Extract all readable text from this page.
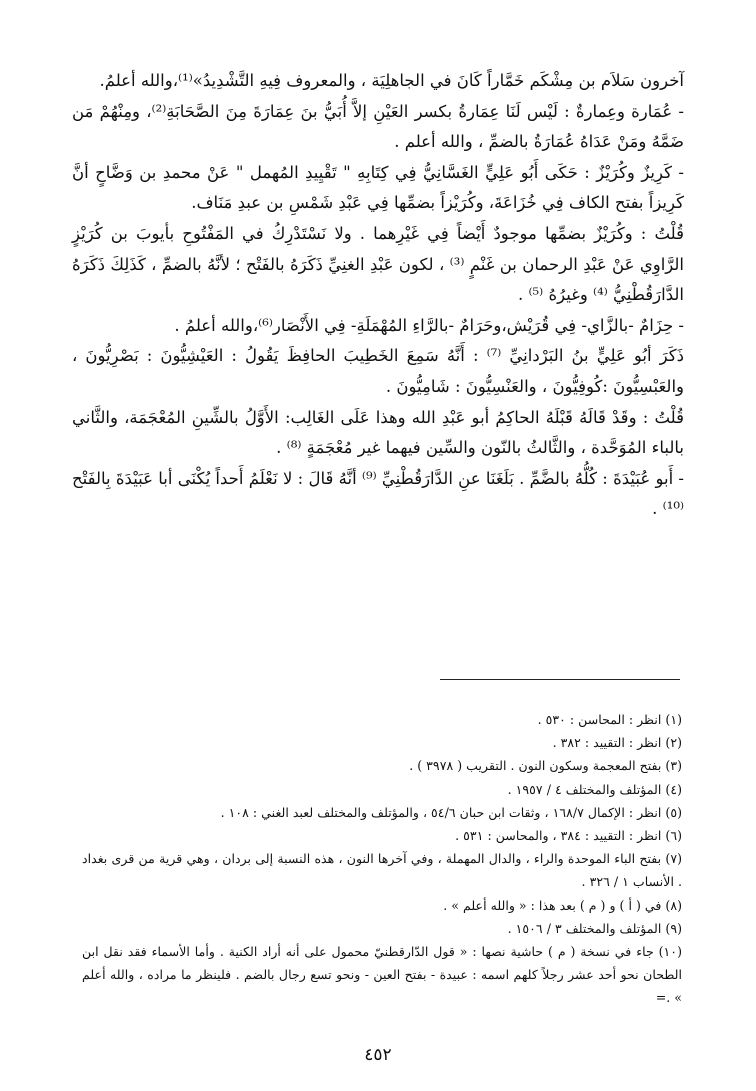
آخرون سَلاَم بن مِشْكَم خَمَّاراً كَانَ في الجاهلِيَة ، والمعروف فِيهِ التَّشْدِيدُ»⁽¹⁾،والله أعلمُ.

- عُمَارة وعِمارةٌ : لَيْس لَنَا عِمَارةُ بكسر العَيْنِ إلاَّ أُبَيُّ بنَ عِمَارَةَ مِنَ الصَّحَابَةِ⁽²⁾، ومِنْهُمْ مَن ضَمَّهُ ومَنْ عَدَاهُ عُمَارَةُ بالضمِّ ، والله أعلم .

- كَرِيزٌ وكُرَيْزٌ : حَكَى أَبُو عَلِيٍّ الغَسَّانِيُّ فِي كِتَابِهِ " تَقْيِيدِ المُهمل " عَنْ محمدِ بن وَضَّاحٍ أنَّ كَرِيزاً بفتح الكاف فِي خُزَاعَةَ، وكُرَيْزاً بضمِّها فِي عَبْدِ شَمْسِ بن عبدِ مَنَاف.

قُلْتُ : وكُرَيْزٌ بضمِّها موجودٌ أَيْضاً فِي غَيْرِهما . ولا نَسْتَدْرِكُ في المَفْتُوحِ بأيوبَ بن كُرَيْزٍ الرَّاوِي عَنْ عَبْدِ الرحمان بن غَنْمٍ ⁽³⁾ ، لكون عَبْدِ الغنِيِّ ذَكَرَهُ بالفَتْح ؛ لأنَّهُ بالضمِّ ، كَذَلِكَ ذَكَرَهُ الدَّارَقُطْنِيُّ ⁽⁴⁾ وغيرُهُ ⁽⁵⁾ .

- حِزَامٌ -بالزَّاي- فِي قُرَيْش،وحَرَامٌ -بالرَّاءِ المُهْمَلَةِ- فِي الأَنْصَار⁽⁶⁾،والله أعلمُ .

ذَكَرَ أبُو عَلِيٍّ بنُ البَرْدانِيِّ ⁽⁷⁾ : أَنَّهُ سَمِعَ الخَطِيبَ الحافِظَ يَقُولُ : العَيْشِيُّونَ : بَصْرِيُّونَ ، والعَبْسِيُّونَ :كُوفِيُّونَ ، والعَنْسِيُّونَ : شَامِيُّونَ .

قُلْتُ : وقَدْ قَالَهُ قَبْلَهُ الحاكِمُ أبو عَبْدِ الله وهذا عَلَى الغَالِب: الأَوَّلُ بالشِّينِ المُعْجَمَة، والثَّاني بالباء المُوَحَّدة ، والثَّالثُ بالنّون والسِّين فيهما غير مُعْجَمَةٍ ⁽⁸⁾ .

- أَبو عُبَيْدَةَ : كُلُّهُ بالضَّمِّ . بَلَغَنَا عنِ الدَّارَقُطْنِيِّ ⁽⁹⁾ أنَّهُ قَالَ : لا نَعْلَمُ أَحداً يُكْنَى أبا عَبَيْدَةَ بِالفَتْح ⁽¹⁰⁾ .

(١) انظر : المحاسن : ٥٣٠ .
(٢) انظر : التقييد : ٣٨٢ .
(٣) بفتح المعجمة وسكون النون . التقريب ( ٣٩٧٨ ) .
(٤) المؤتلف والمختلف ٤ / ١٩٥٧ .
(٥) انظر : الإكمال ١٦٨/٧ ، وثقات ابن حبان ٥٤/٦ ، والمؤتلف والمختلف لعبد الغني : ١٠٨ .
(٦) انظر : التقييد : ٣٨٤ ، والمحاسن : ٥٣١ .
(٧) بفتح الباء الموحدة والراء ، والدال المهملة ، وفي آخرها النون ، هذه النسبة إلى بردان ، وهي قرية من قرى بغداد . الأنساب ١ / ٣٢٦ .
(٨) في ( أ ) و ( م ) بعد هذا : « والله أعلم » .
(٩) المؤتلف والمختلف ٣ / ١٥٠٦ .
(١٠) جاء في نسخة ( م ) حاشية نصها : « قول الدّارقطنيّ محمول على أنه أراد الكنية . وأما الأسماء فقد نقل ابن الطحان نحو أحد عشر رجلاً كلهم اسمه : عبيدة - بفتح العين - ونحو تسع رجال بالضم . فلينظر ما مراده ، والله أعلم » .=
٤٥٢
